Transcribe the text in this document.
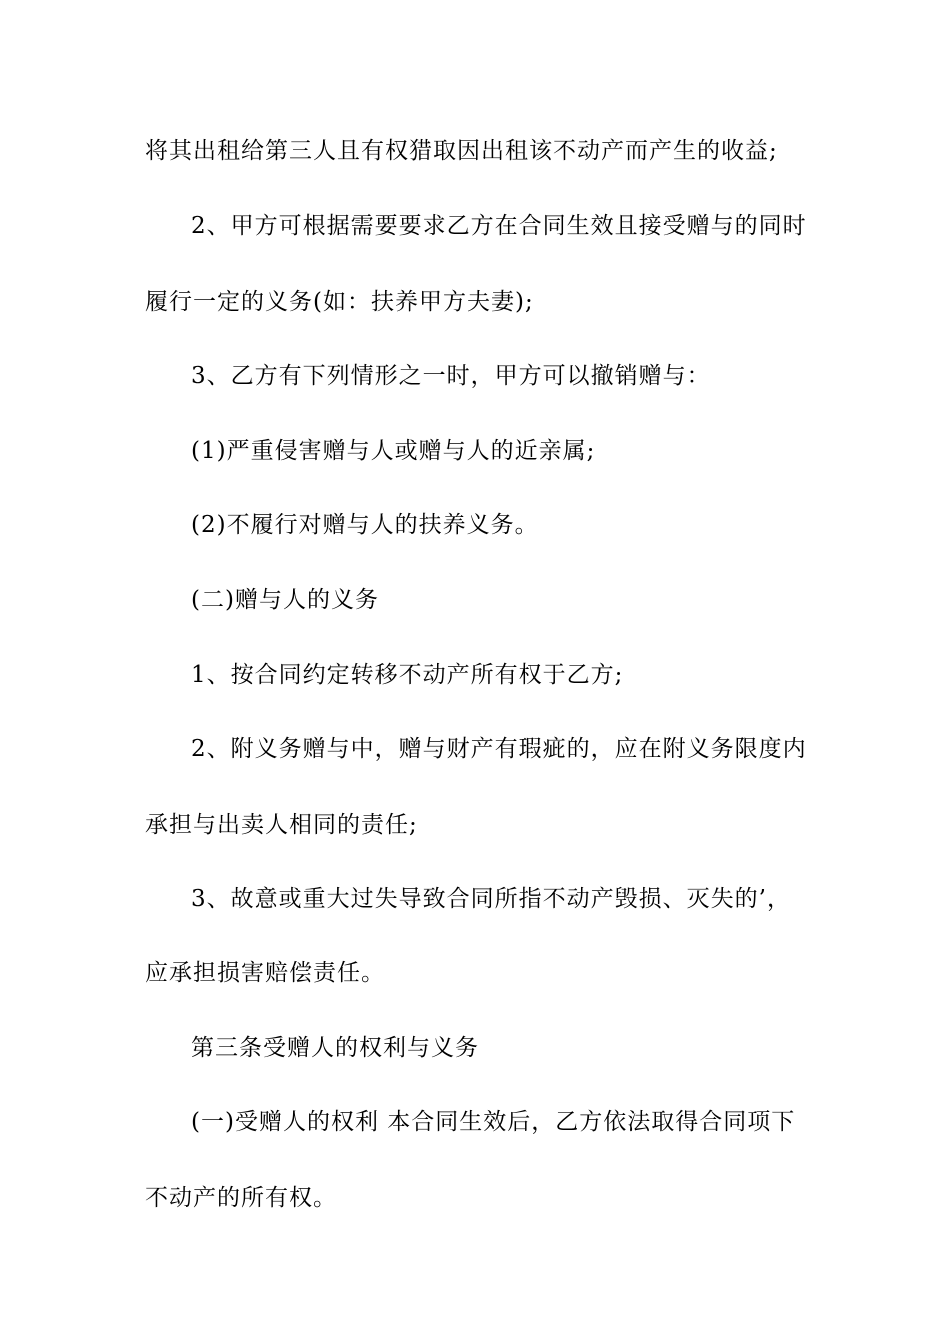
将其出租给第三人且有权猎取因出租该不动产而产生的收益;
2、甲方可根据需要要求乙方在合同生效且接受赠与的同时
履行一定的义务(如：扶养甲方夫妻);
3、乙方有下列情形之一时，甲方可以撤销赠与：
(1)严重侵害赠与人或赠与人的近亲属;
(2)不履行对赠与人的扶养义务。
(二)赠与人的义务
1、按合同约定转移不动产所有权于乙方;
2、附义务赠与中，赠与财产有瑕疵的，应在附义务限度内
承担与出卖人相同的责任;
3、故意或重大过失导致合同所指不动产毁损、灭失的’，
应承担损害赔偿责任。
第三条受赠人的权利与义务
(一)受赠人的权利 本合同生效后，乙方依法取得合同项下
不动产的所有权。
